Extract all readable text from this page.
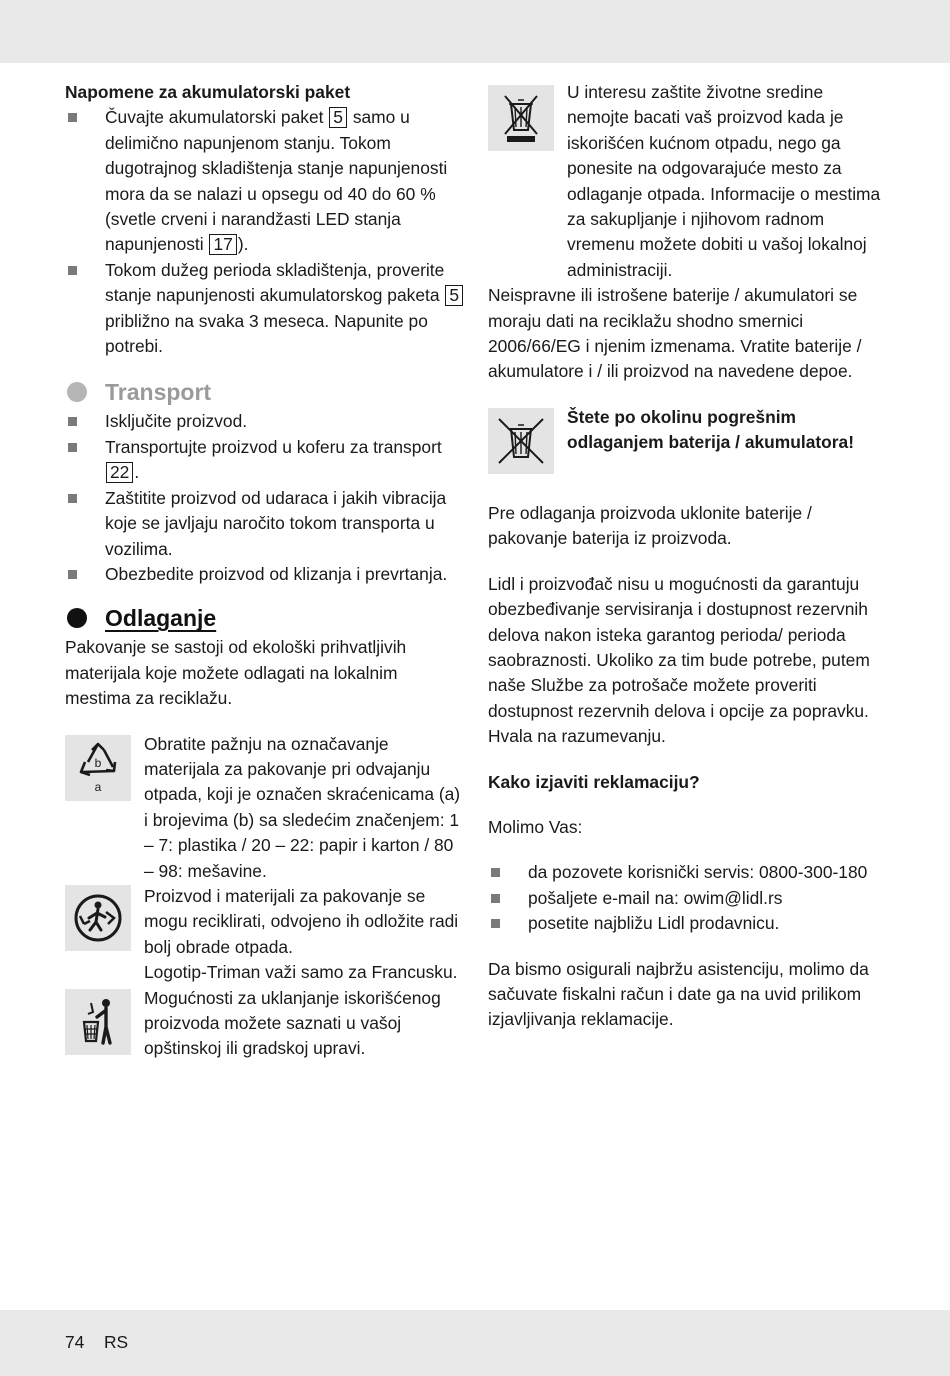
Napomene za akumulatorski paket

Čuvajte akumulatorski paket 5 samo u delimično napunjenom stanju. Tokom dugotrajnog skladištenja stanje napunjenosti mora da se nalazi u opsegu od 40 do 60 % (svetle crveni i narandžasti LED stanja napunjenosti 17 ).
Tokom dužeg perioda skladištenja, proverite stanje napunjenosti akumulatorskog paketa 5 približno na svaka 3 meseca. Napunite po potrebi.
Transport
Isključite proizvod.
Transportujte proizvod u koferu za transport 22 .
Zaštitite proizvod od udaraca i jakih vibracija koje se javljaju naročito tokom transporta u vozilima.
Obezbedite proizvod od klizanja i prevrtanja.
Odlaganje

Pakovanje se sastoji od ekološki prihvatljivih materijala koje možete odlagati na lokalnim mestima za reciklažu.

b
a

Obratite pažnju na označavanje materijala za pakovanje pri odvajanju otpada, koji je označen skraćenicama (a) i brojevima (b) sa sledećim značenjem: 1 – 7: plastika / 20 – 22: papir i karton / 80 – 98: mešavine.

Proizvod i materijali za pakovanje se mogu reciklirati, odvojeno ih odložite radi bolj obrade otpada.

Logotip-Triman važi samo za Francusku.

Mogućnosti za uklanjanje iskorišćenog proizvoda možete saznati u vašoj opštinskoj ili gradskoj upravi.

U interesu zaštite životne sredine nemojte bacati vaš proizvod kada je iskorišćen kućnom otpadu, nego ga ponesite na odgovarajuće mesto za odlaganje otpada. Informacije o mestima za sakupljanje i njihovom radnom vremenu možete dobiti u vašoj lokalnoj administraciji.

Neispravne ili istrošene baterije / akumulatori se moraju dati na reciklažu shodno smernici 2006/66/EG i njenim izmenama. Vratite baterije / akumulatore i / ili proizvod na navedene depoe.

Štete po okolinu pogrešnim odlaganjem baterija / akumulatora!

Pre odlaganja proizvoda uklonite baterije / pakovanje baterija iz proizvoda.

Lidl i proizvođač nisu u mogućnosti da garantuju obezbeđivanje servisiranja i dostupnost rezervnih delova nakon isteka garantog perioda/ perioda saobraznosti. Ukoliko za tim bude potrebe, putem naše Službe za potrošače možete proveriti dostupnost rezervnih delova i opcije za popravku. Hvala na razumevanju.

Kako izjaviti reklamaciju?

Molimo Vas:

da pozovete korisnički servis: 0800-300-180
pošaljete e-mail na: owim@lidl.rs
posetite najbližu Lidl prodavnicu.

Da bismo osigurali najbržu asistenciju, molimo da sačuvate fiskalni račun i date ga na uvid prilikom izjavljivanja reklamacije.

74 RS
